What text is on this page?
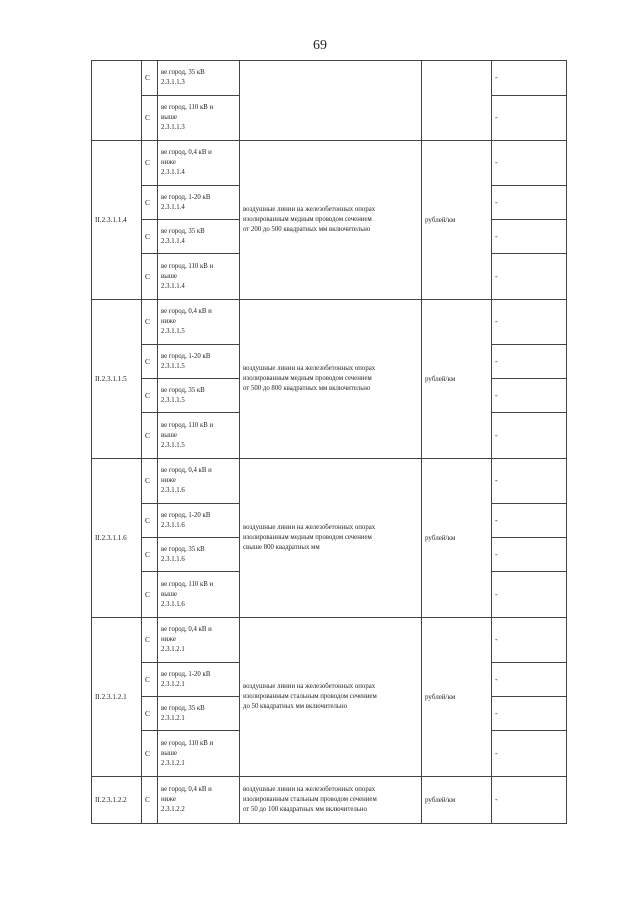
69
	С	ве город, 35 кВ
2.3.1.1.3			-
	С	ве город, 110 кВ и
выше
2.3.1.1.3			-
II.2.3.1.1.4	С	ве город, 0,4 кВ и
ниже
2.3.1.1.4	воздушные линии на железобетонных опорах
изолированным медным проводом сечением
от 200 до 500 квадратных мм включительно	рублей/км	-
	С	ве город, 1-20 кВ
2.3.1.1.4			-
	С	ве город, 35 кВ
2.3.1.1.4			-
	С	ве город, 110 кВ и
выше
2.3.1.1.4			-
II.2.3.1.1.5	С	ве город, 0,4 кВ и
ниже
2.3.1.1.5	воздушные линии на железобетонных опорах
изолированным медным проводом сечением
от 500 до 800 квадратных мм включительно	рублей/км	-
	С	ве город, 1-20 кВ
2.3.1.1.5			-
	С	ве город, 35 кВ
2.3.1.1.5			-
	С	ве город, 110 кВ и
выше
2.3.1.1.5			-
II.2.3.1.1.6	С	ве город, 0,4 кВ и
ниже
2.3.1.1.6	воздушные линии на железобетонных опорах
изолированным медным проводом сечением
свыше 800 квадратных мм	рублей/км	-
	С	ве город, 1-20 кВ
2.3.1.1.6			-
	С	ве город, 35 кВ
2.3.1.1.6			-
	С	ве город, 110 кВ и
выше
2.3.1.1.6			-
II.2.3.1.2.1	С	ве город, 0,4 кВ и
ниже
2.3.1.2.1	воздушные линии на железобетонных опорах
изолированным стальным проводом сечением
до 50 квадратных мм включительно	рублей/км	-
	С	ве город, 1-20 кВ
2.3.1.2.1			-
	С	ве город, 35 кВ
2.3.1.2.1			-
	С	ве город, 110 кВ и
выше
2.3.1.2.1			-
II.2.3.1.2.2	С	ве город, 0,4 кВ и
ниже
2.3.1.2.2	воздушные линии на железобетонных опорах
изолированным стальным проводом сечением
от 50 до 100 квадратных мм включительно	рублей/км	-
